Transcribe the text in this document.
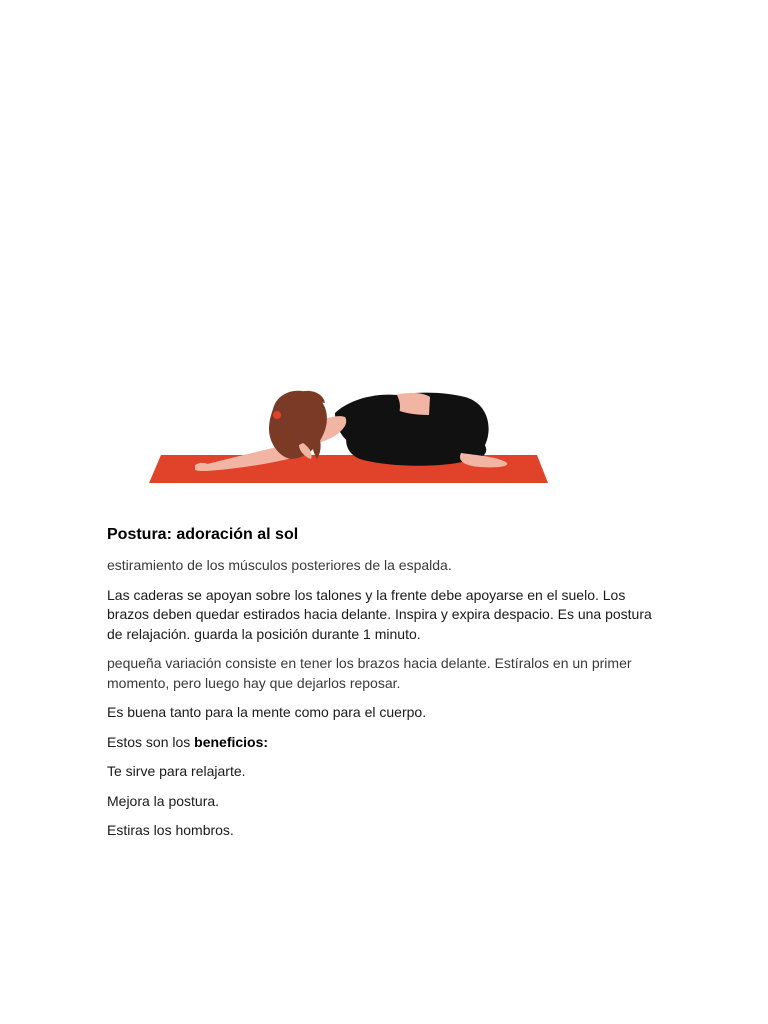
Postura: adoración al sol

estiramiento de los músculos posteriores de la espalda.

Las caderas se apoyan sobre los talones y la frente debe apoyarse en el suelo. Los brazos deben quedar estirados hacia delante. Inspira y expira despacio. Es una postura de relajación. guarda la posición durante 1 minuto.

pequeña variación consiste en tener los brazos hacia delante. Estíralos en un primer momento, pero luego hay que dejarlos reposar.

Es buena tanto para la mente como para el cuerpo.

Estos son los beneficios:

Te sirve para relajarte.

Mejora la postura.

Estiras los hombros.
